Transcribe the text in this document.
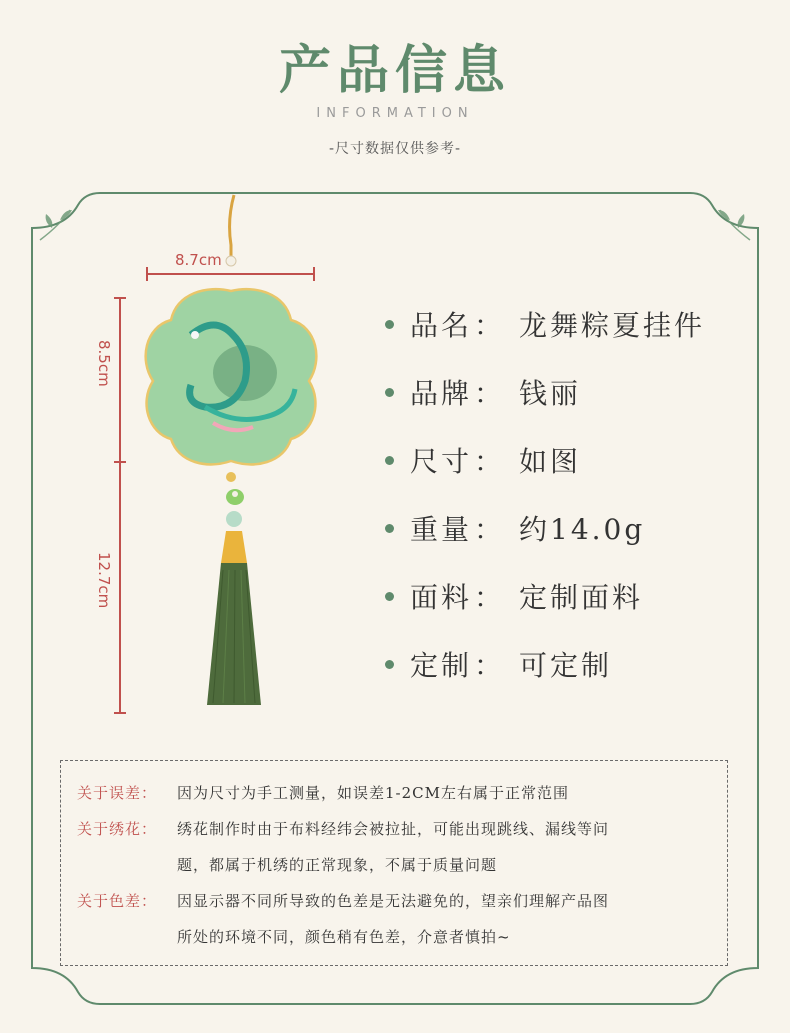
产品信息
INFORMATION
-尺寸数据仅供参考-
8.7cm
8.5cm
12.7cm
品名 ： 龙舞粽夏挂件
品牌 ： 钱丽
尺寸 ： 如图
重量 ： 约14.0g
面料 ： 定制面料
定制 ： 可定制
关于误差：	因为尺寸为手工测量，如误差1-2CM左右属于正常范围
关于绣花：	绣花制作时由于布料经纬会被拉扯，可能出现跳线、漏线等问
题，都属于机绣的正常现象，不属于质量问题
关于色差：	因显示器不同所导致的色差是无法避免的，望亲们理解产品图
所处的环境不同，颜色稍有色差，介意者慎拍~
